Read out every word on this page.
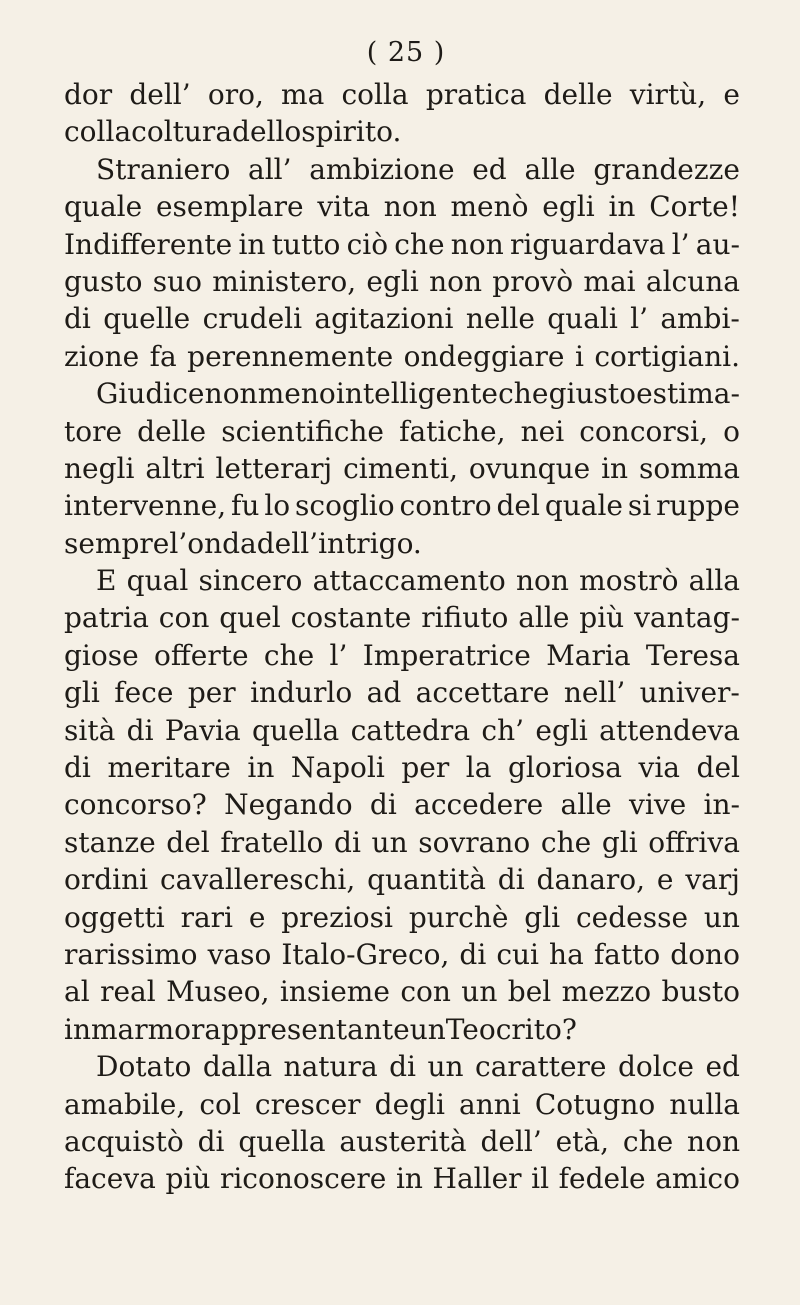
( 25 )
dor dell’ oro, ma colla pratica delle virtù, e
colla coltura dello spirito.
Straniero all’ ambizione ed alle grandezze
quale esemplare vita non menò egli in Corte!
Indifferente in tutto ciò che non riguardava l’ au-
gusto suo ministero, egli non provò mai alcuna
di quelle crudeli agitazioni nelle quali l’ ambi-
zione fa perennemente ondeggiare i cortigiani.
Giudice non meno intelligente che giusto estima-
tore delle scientifiche fatiche, nei concorsi, o
negli altri letterarj cimenti, ovunque in somma
intervenne, fu lo scoglio contro del quale si ruppe
sempre l’ onda dell’ intrigo.
E qual sincero attaccamento non mostrò alla
patria con quel costante rifiuto alle più vantag-
giose offerte che l’ Imperatrice Maria Teresa
gli fece per indurlo ad accettare nell’ univer-
sità di Pavia quella cattedra ch’ egli attendeva
di meritare in Napoli per la gloriosa via del
concorso? Negando di accedere alle vive in-
stanze del fratello di un sovrano che gli offriva
ordini cavallereschi, quantità di danaro, e varj
oggetti rari e preziosi purchè gli cedesse un
rarissimo vaso Italo-Greco, di cui ha fatto dono
al real Museo, insieme con un bel mezzo busto
in marmo rappresentante un Teocrito?
Dotato dalla natura di un carattere dolce ed
amabile, col crescer degli anni Cotugno nulla
acquistò di quella austerità dell’ età, che non
faceva più riconoscere in Haller il fedele amico
